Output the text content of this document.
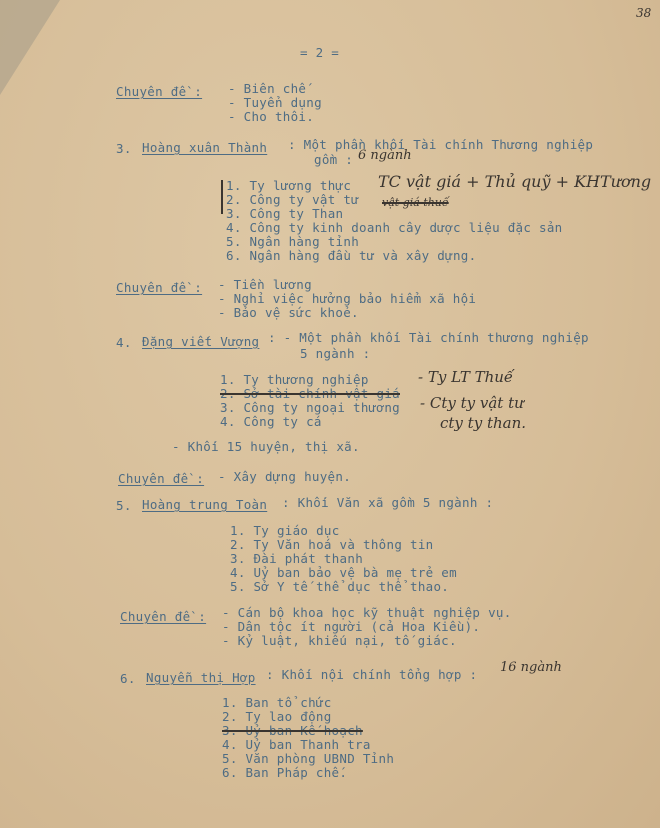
38
= 2 =
Chuyên đề : - Biên chế
- Tuyển dụng
- Cho thôi.
3. Hoàng xuân Thành : Một phần khối Tài chính Thương nghiệp
gồm : 6 ngành
1. Ty lương thực
2. Công ty vật tư
3. Công ty Than
4. Công ty kinh doanh cây dược liệu đặc sản
5. Ngân hàng tỉnh
6. Ngân hàng đầu tư và xây dựng.
TC vật giá + Thủ quỹ + KHTương
vật giá thuế
Chuyên đề : - Tiền lương
- Nghỉ việc hưởng bảo hiểm xã hội
- Bảo vệ sức khoẻ.
4. Đặng viết Vượng : - Một phần khối Tài chính thương nghiệp
5 ngành :
1. Ty thương nghiệp
2. Sở tài chính vật giá
3. Công ty ngoại thương
4. Công ty cá
- Ty LT Thuế
- Cty ty vật tư
cty ty than.
- Khối 15 huyện, thị xã.
Chuyên đề : - Xây dựng huyện.
5. Hoàng trung Toàn : Khối Văn xã gồm 5 ngành :
1. Ty giáo dục
2. Ty Văn hoá và thông tin
3. Đài phát thanh
4. Uỷ ban bảo vệ bà mẹ trẻ em
5. Sở Y tế thể dục thể thao.
Chuyên đề : - Cán bộ khoa học kỹ thuật nghiệp vụ.
- Dân tộc ít người (cả Hoa Kiều).
- Kỷ luật, khiếu nại, tố giác.
6. Nguyễn thị Hợp : Khối nội chính tổng hợp : 16 ngành
1. Ban tổ chức
2. Ty lao động
3. Uỷ ban Kế hoạch
4. Uỷ ban Thanh tra
5. Văn phòng UBND Tỉnh
6. Ban Pháp chế.
